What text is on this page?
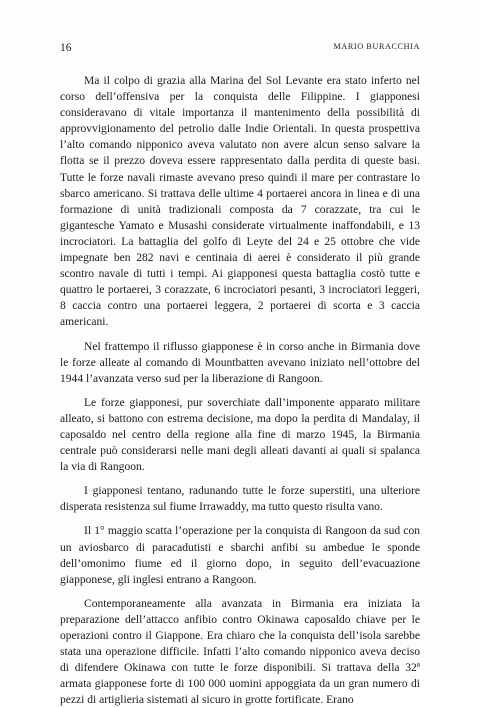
16	MARIO BURACCHIA

Ma il colpo di grazia alla Marina del Sol Levante era stato inferto nel corso dell’offensiva per la conquista delle Filippine. I giapponesi consideravano di vitale importanza il mantenimento della possibilità di approvvigionamento del petrolio dalle Indie Orientali. In questa prospettiva l’alto comando nipponico aveva valutato non avere alcun senso salvare la flotta se il prezzo doveva essere rappresentato dalla perdita di queste basi. Tutte le forze navali rimaste avevano preso quindi il mare per contrastare lo sbarco americano. Si trattava delle ultime 4 portaerei ancora in linea e di una formazione di unità tradizionali composta da 7 corazzate, tra cui le gigantesche Yamato e Musashi considerate virtualmente inaffondabili, e 13 incrociatori. La battaglia del golfo di Leyte del 24 e 25 ottobre che vide impegnate ben 282 navi e centinaia di aerei è considerato il più grande scontro navale di tutti i tempi. Ai giapponesi questa battaglia costò tutte e quattro le portaerei, 3 corazzate, 6 incrociatori pesanti, 3 incrociatori leggeri, 8 caccia contro una portaerei leggera, 2 portaerei di scorta e 3 caccia americani.

Nel frattempo il riflusso giapponese è in corso anche in Birmania dove le forze alleate al comando di Mountbatten avevano iniziato nell’ottobre del 1944 l’avanzata verso sud per la liberazione di Rangoon.

Le forze giapponesi, pur soverchiate dall’imponente apparato militare alleato, si battono con estrema decisione, ma dopo la perdita di Mandalay, il caposaldo nel centro della regione alla fine di marzo 1945, la Birmania centrale può considerarsi nelle mani degli alleati davanti ai quali si spalanca la via di Rangoon.

I giapponesi tentano, radunando tutte le forze superstiti, una ulteriore disperata resistenza sul fiume Irrawaddy, ma tutto questo risulta vano.

Il 1° maggio scatta l’operazione per la conquista di Rangoon da sud con un aviosbarco di paracadutisti e sbarchi anfibi su ambedue le sponde dell’omonimo fiume ed il giorno dopo, in seguito dell’evacuazione giapponese, gli inglesi entrano a Rangoon.

Contemporaneamente alla avanzata in Birmania era iniziata la preparazione dell’attacco anfibio contro Okinawa caposaldo chiave per le operazioni contro il Giappone. Era chiaro che la conquista dell’isola sarebbe stata una operazione difficile. Infatti l’alto comando nipponico aveva deciso di difendere Okinawa con tutte le forze disponibili. Si trattava della 32ª armata giapponese forte di 100 000 uomini appoggiata da un gran numero di pezzi di artiglieria sistemati al sicuro in grotte fortificate. Erano
